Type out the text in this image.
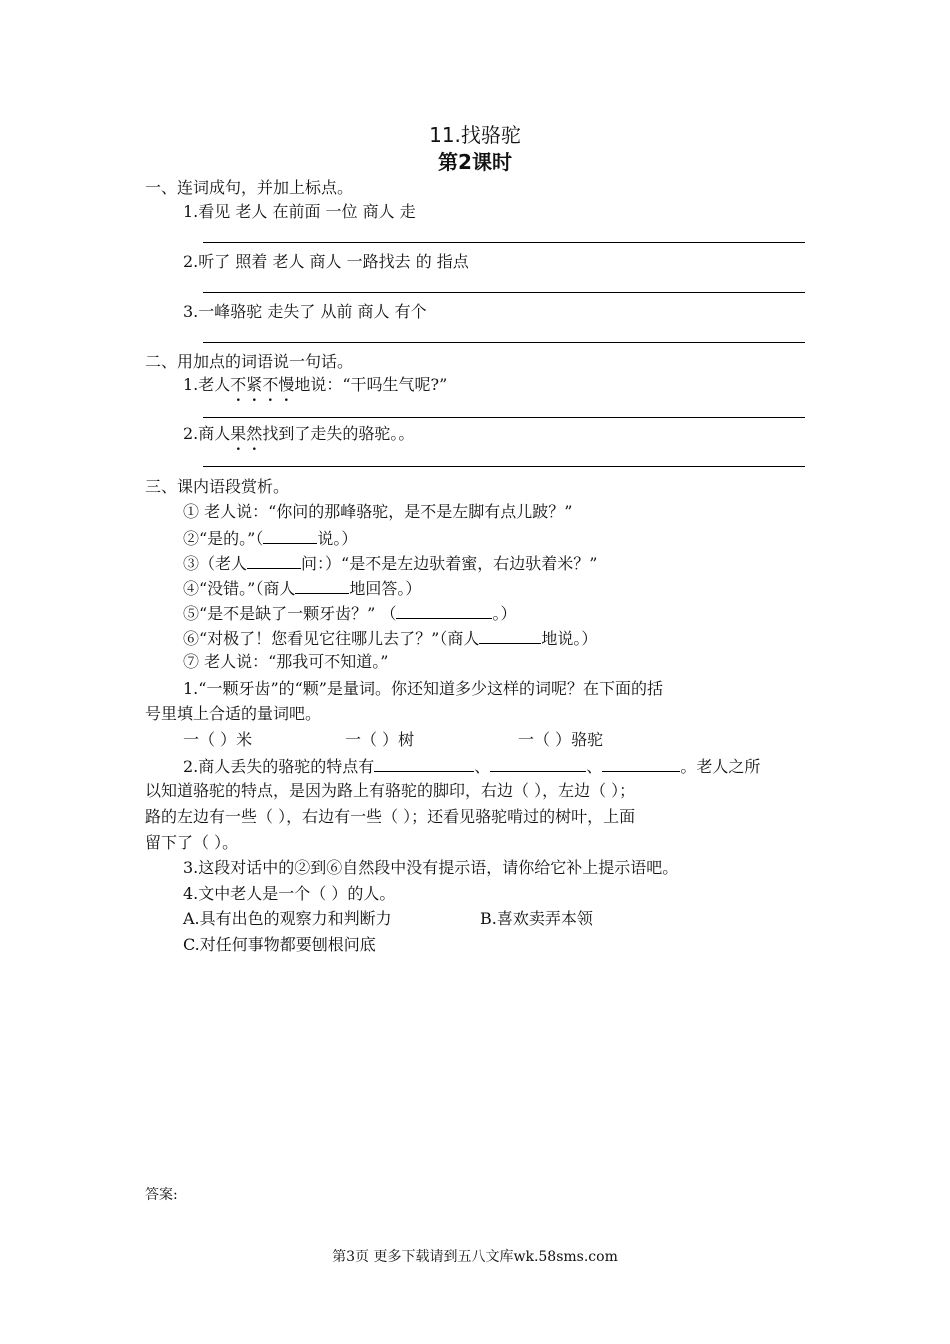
11.找骆驼
第2课时
一、连词成句，并加上标点。
1.看见 老人 在前面 一位 商人 走
2.听了 照着 老人 商人 一路找去 的 指点
3.一峰骆驼 走失了 从前 商人 有个
二、用加点的词语说一句话。
1.老人不紧不慢地说：“干吗生气呢?”
2.商人果然找到了走失的骆驼。。
三、课内语段赏析。
① 老人说：“你问的那峰骆驼，是不是左脚有点儿跛？”
②“是的。”（	说。）
③（老人	问：）“是不是左边驮着蜜，右边驮着米？”
④“没错。”（商人	地回答。）
⑤“是不是缺了一颗牙齿？” （	。）
⑥“对极了！您看见它往哪儿去了？”（商人	地说。）
⑦ 老人说：“那我可不知道。”
1.“一颗牙齿”的“颗”是量词。你还知道多少这样的词呢？在下面的括
号里填上合适的量词吧。
一（ ）米	一（ ）树	一（ ）骆驼
2.商人丢失的骆驼的特点有	、	、	。老人之所
以知道骆驼的特点，是因为路上有骆驼的脚印，右边（ ），左边（ ）；
路的左边有一些（ ），右边有一些（ ）；还看见骆驼啃过的树叶，上面
留下了（ ）。
3.这段对话中的②到⑥自然段中没有提示语，请你给它补上提示语吧。
4.文中老人是一个（ ）的人。
A.具有出色的观察力和判断力	B.喜欢卖弄本领
C.对任何事物都要刨根问底
答案:
第3页 更多下载请到五八文库wk.58sms.com
